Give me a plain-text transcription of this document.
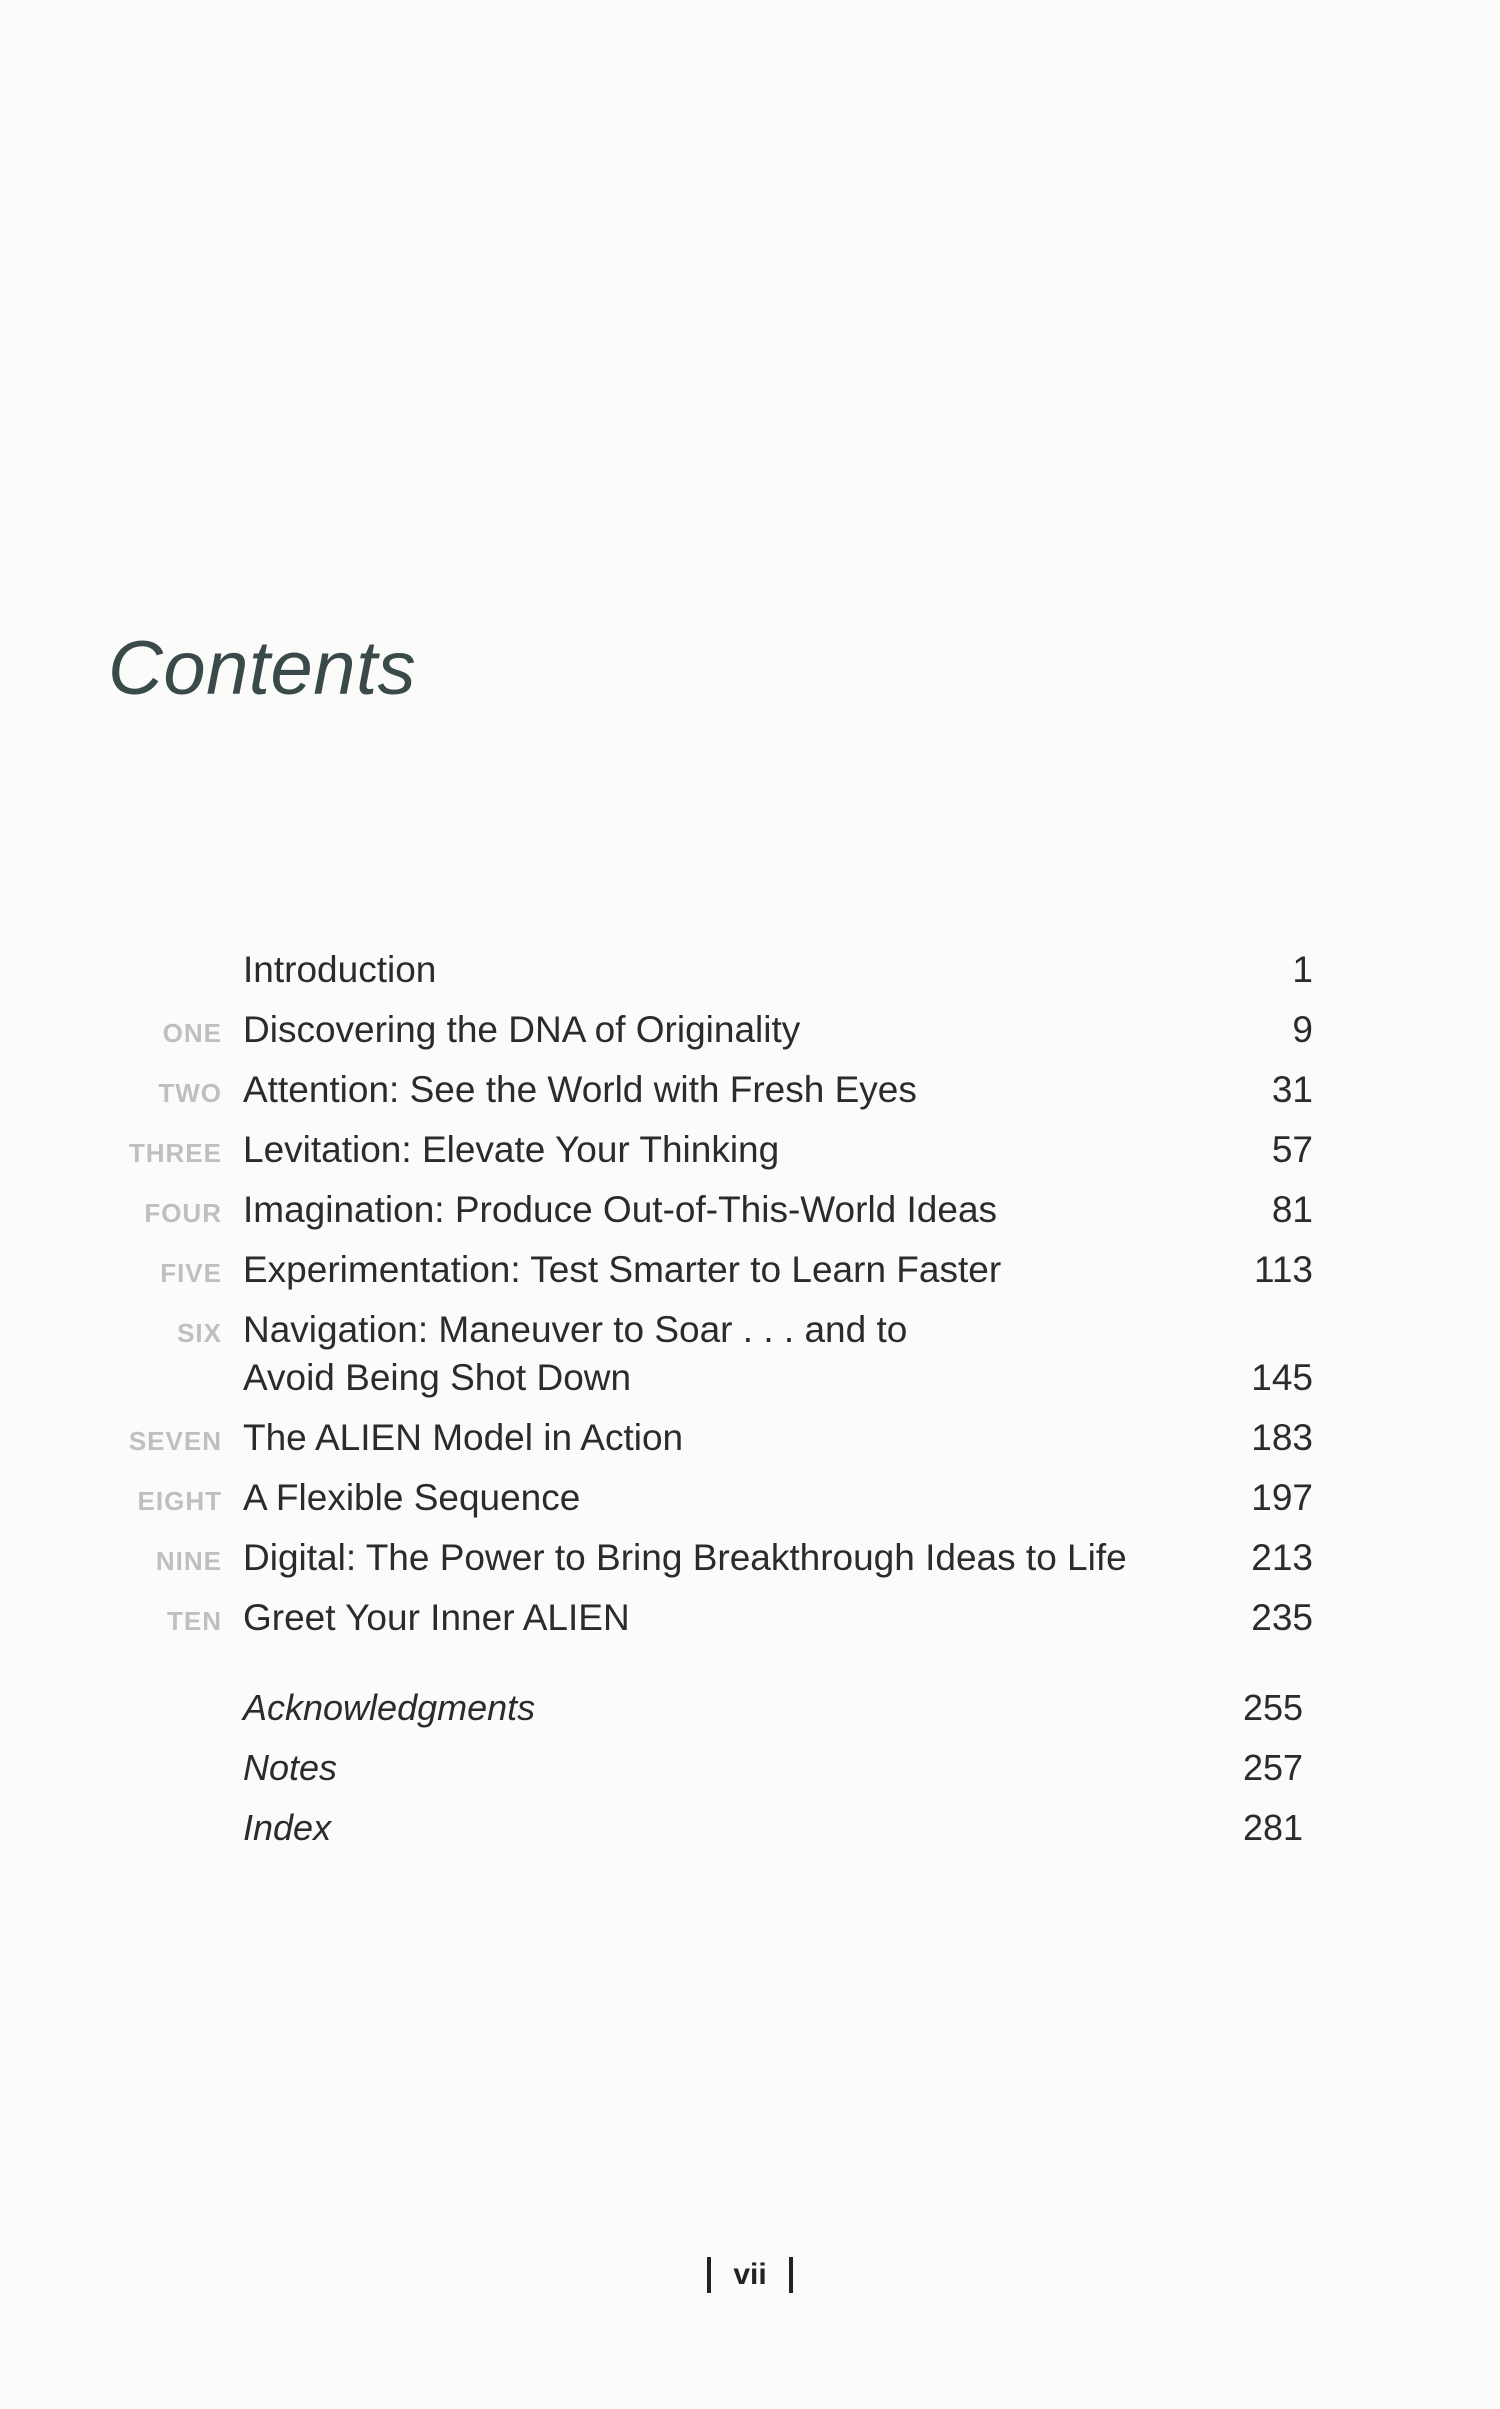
Contents
Introduction	1
ONE Discovering the DNA of Originality	9
TWO Attention: See the World with Fresh Eyes	31
THREE Levitation: Elevate Your Thinking	57
FOUR Imagination: Produce Out-of-This-World Ideas	81
FIVE Experimentation: Test Smarter to Learn Faster	113
SIX Navigation: Maneuver to Soar . . . and to
Avoid Being Shot Down	145
SEVEN The ALIEN Model in Action	183
EIGHT A Flexible Sequence	197
NINE Digital: The Power to Bring Breakthrough Ideas to Life	213
TEN Greet Your Inner ALIEN	235
Acknowledgments	255
Notes	257
Index	281
vii
